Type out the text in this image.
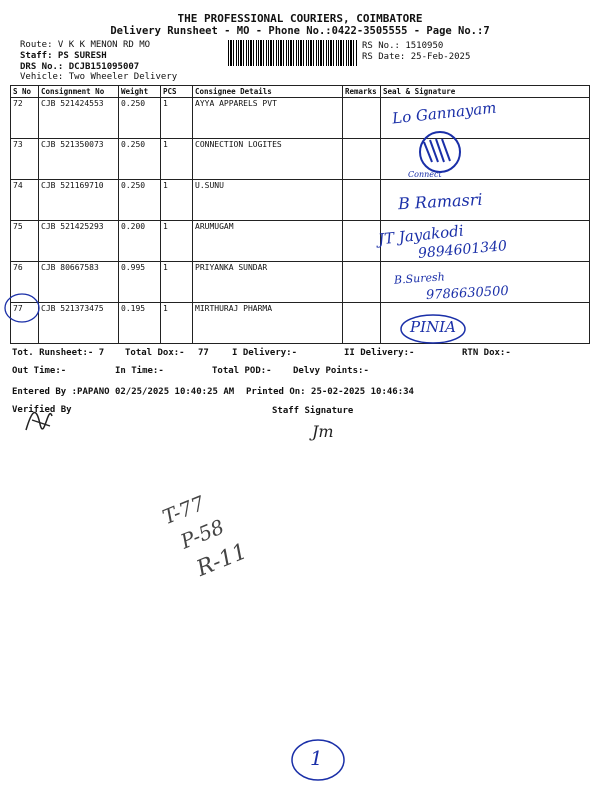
THE PROFESSIONAL COURIERS, COIMBATORE
Delivery Runsheet - MO - Phone No.:0422-3505555 - Page No.:7
Route: V K K MENON RD MO
Staff: PS SURESH
DRS No.: DCJB151095007
Vehicle: Two Wheeler Delivery
RS No.: 1510950
RS Date: 25-Feb-2025
S No	Consignment No	Weight	PCS	Consignee Details	Remarks	Seal & Signature
72	CJB 521424553	0.250	1	AYYA APPARELS PVT		
73	CJB 521350073	0.250	1	CONNECTION LOGITES		
74	CJB 521169710	0.250	1	U.SUNU		
75	CJB 521425293	0.200	1	ARUMUGAM		
76	CJB 80667583	0.995	1	PRIYANKA SUNDAR		
77	CJB 521373475	0.195	1	MIRTHURAJ PHARMA		
Lo Gannayam
Connect
B Ramasri
JT Jayakodi
9894601340
B.Suresh
9786630500
PINIA
Tot. Runsheet:- 7 Total Dox:- 77	I Delivery:-	II Delivery:-	RTN Dox:-
Out Time:-	In Time:-	Total POD:- Delvy Points:-
Entered By :PAPANO 02/25/2025 10:40:25 AM Printed On: 25-02-2025 10:46:34
Verified By	Staff Signature
Jm
T-77
P-58
R-11
1
